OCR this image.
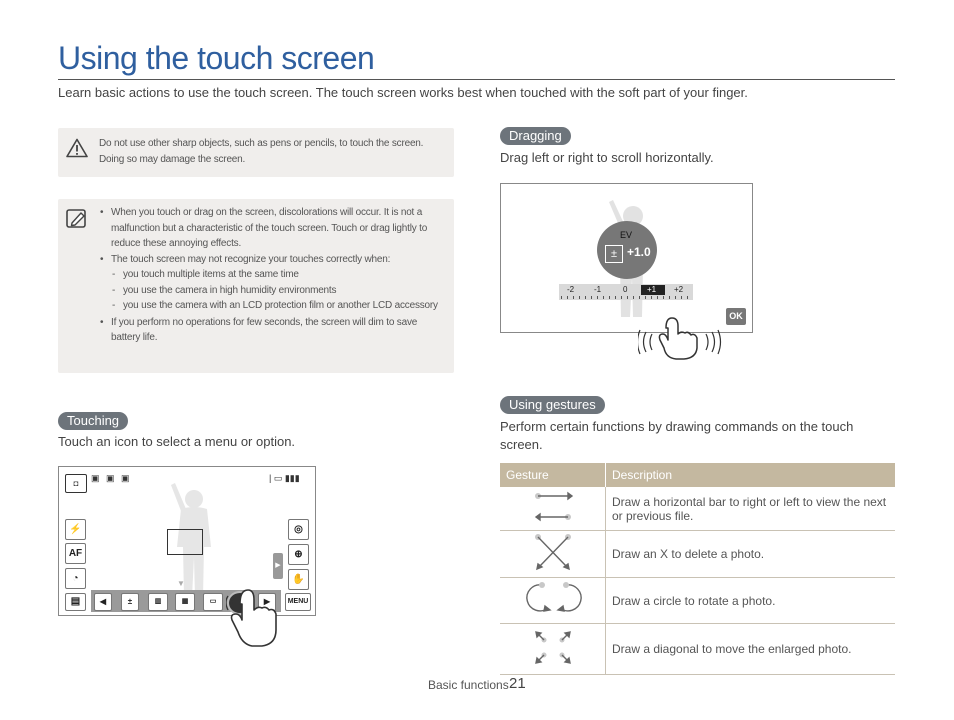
Using the touch screen
Learn basic actions to use the touch screen. The touch screen works best when touched with the soft part of your finger.
Do not use other sharp objects, such as pens or pencils, to touch the screen. Doing so may damage the screen.
• When you touch or drag on the screen, discolorations will occur. It is not a malfunction but a characteristic of the touch screen. Touch or drag lightly to reduce these annoying effects.
• The touch screen may not recognize your touches correctly when:
- you touch multiple items at the same time
- you use the camera in high humidity environments
- you use the camera with an LCD protection film or another LCD accessory
• If you perform no operations for few seconds, the screen will dim to save battery life.
Touching
Touch an icon to select a menu or option.
◘
▣ ▣ ▣	| ▭ ▮▮▮
⚡
AF
◔
▤
◎
⊕
✋
MENU
▶
◀	±	▥	▦	▭	▶
▼
Dragging
Drag left or right to scroll horizontally.
EV
± +1.0
-2 -1	0 +1 +2
OK
Using gestures
Perform certain functions by drawing commands on the touch screen.
Gesture	Description
	Draw a horizontal bar to right or left to view the next or previous file.
	Draw an X to delete a photo.
	Draw a circle to rotate a photo.
	Draw a diagonal to move the enlarged photo.
Basic functions 21
